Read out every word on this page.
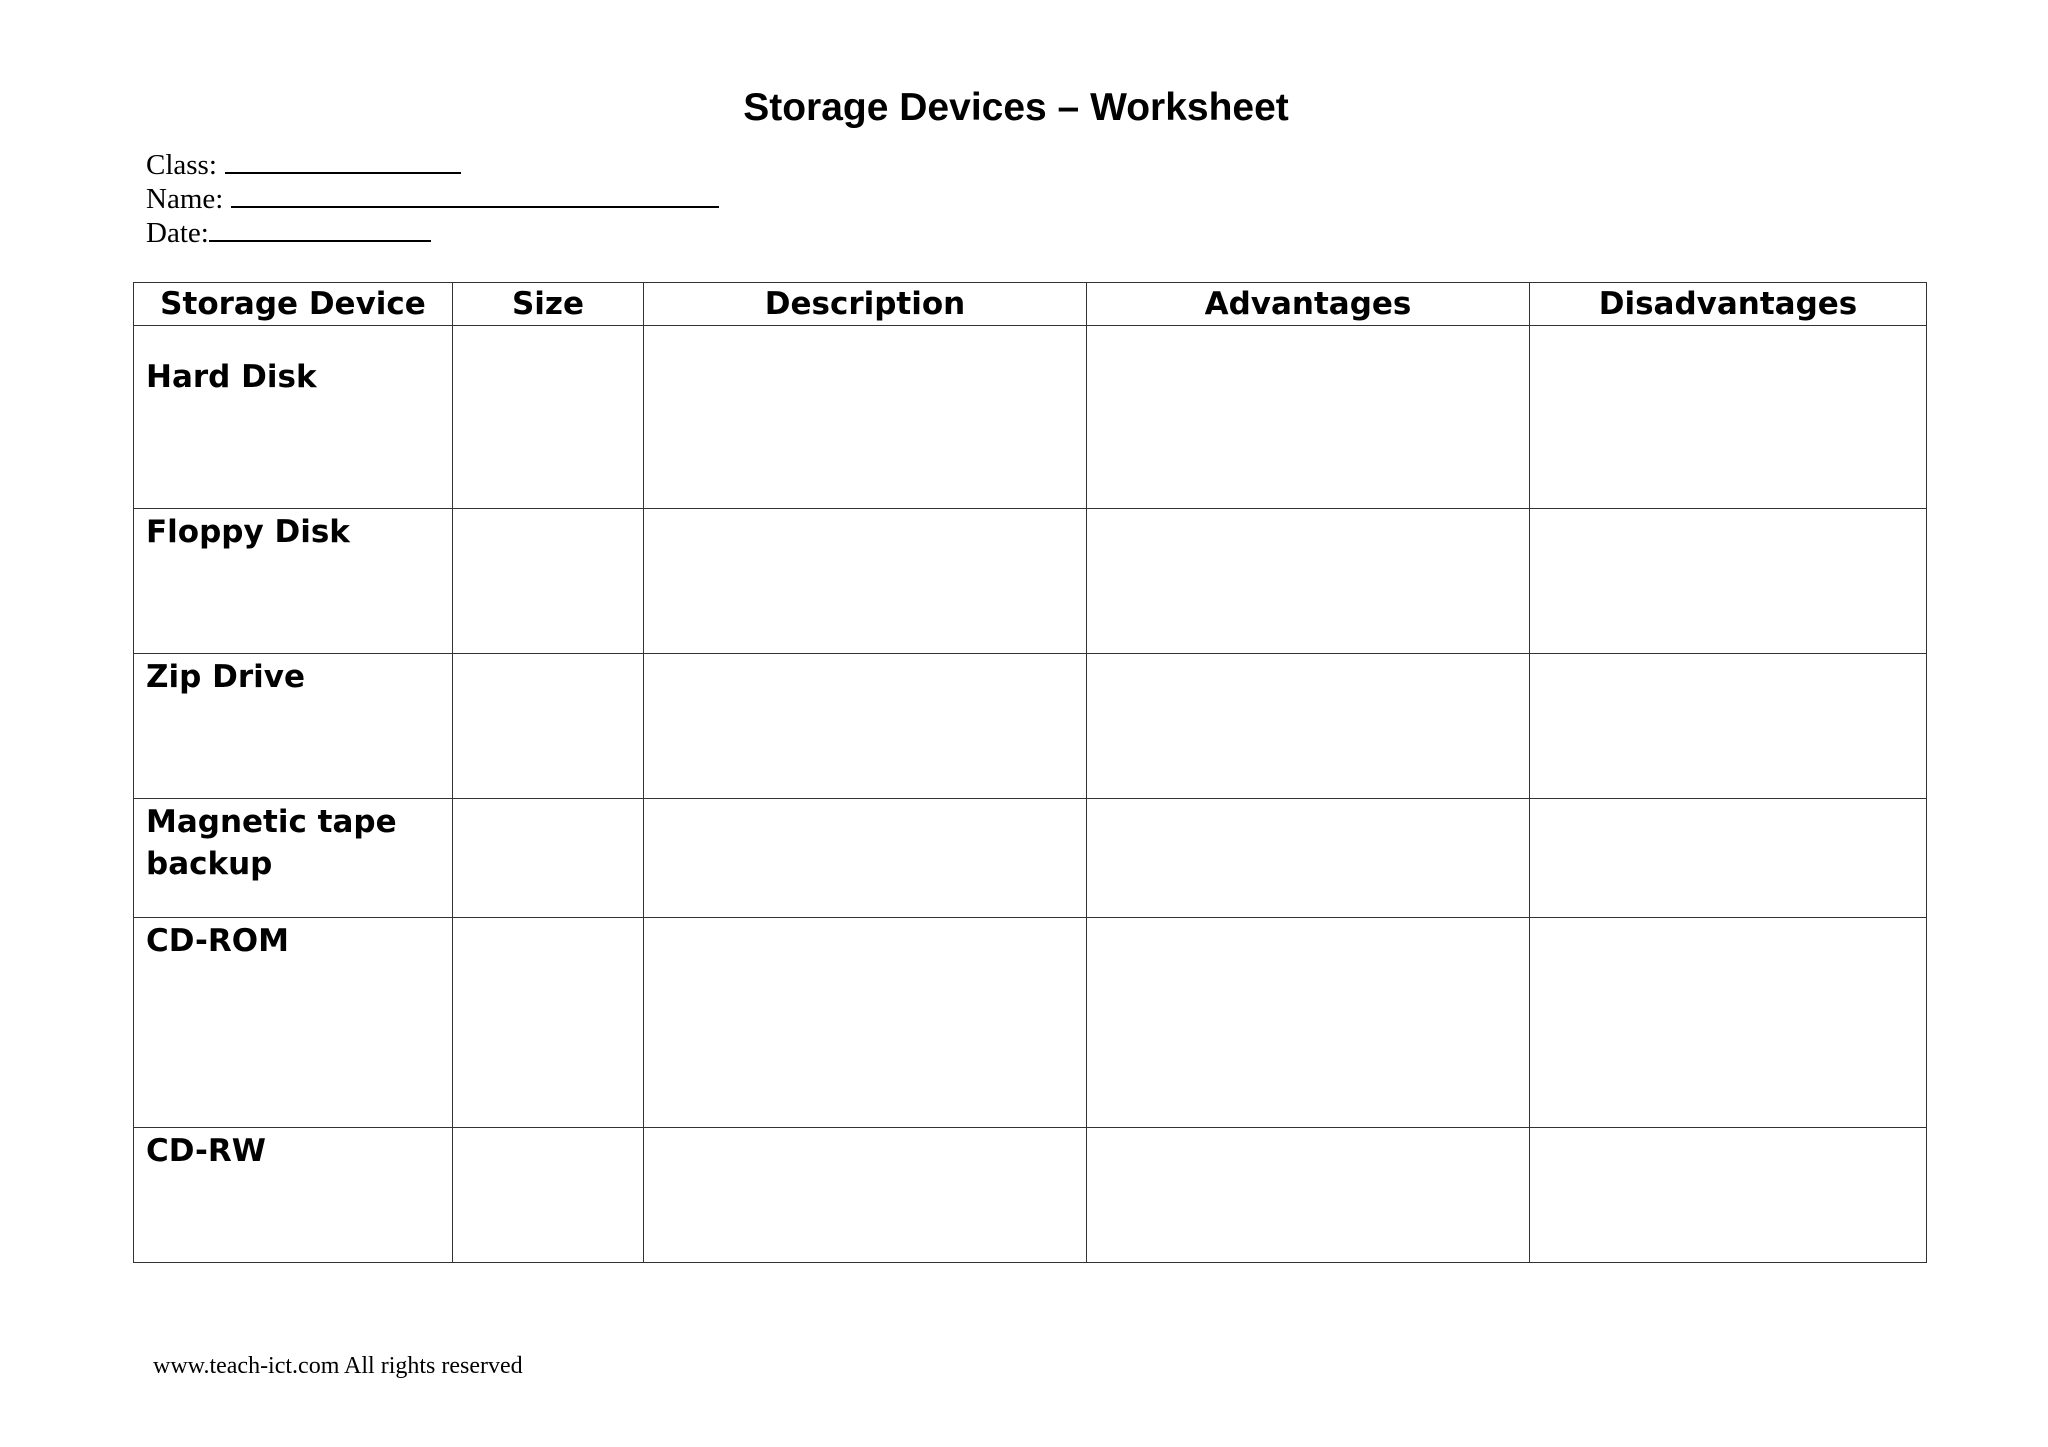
Storage Devices – Worksheet
Class:
Name:
Date:
Storage Device	Size	Description	Advantages	Disadvantages
Hard Disk				
Floppy Disk				
Zip Drive				
Magnetic tape backup				
CD-ROM				
CD-RW				
www.teach-ict.com All rights reserved
